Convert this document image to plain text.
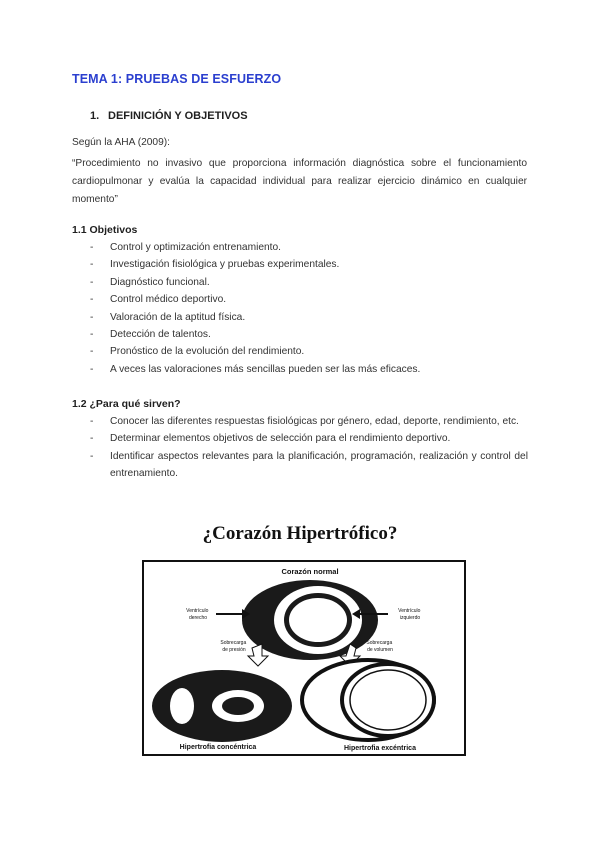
TEMA 1: PRUEBAS DE ESFUERZO
1. DEFINICIÓN Y OBJETIVOS
Según la AHA (2009):
“Procedimiento no invasivo que proporciona información diagnóstica sobre el funcionamiento cardiopulmonar y evalúa la capacidad individual para realizar ejercicio dinámico en cualquier momento”
1.1 Objetivos
- Control y optimización entrenamiento.
- Investigación fisiológica y pruebas experimentales.
- Diagnóstico funcional.
- Control médico deportivo.
- Valoración de la aptitud física.
- Detección de talentos.
- Pronóstico de la evolución del rendimiento.
- A veces las valoraciones más sencillas pueden ser las más eficaces.
1.2 ¿Para qué sirven?
- Conocer las diferentes respuestas fisiológicas por género, edad, deporte, rendimiento, etc.
- Determinar elementos objetivos de selección para el rendimiento deportivo.
- Identificar aspectos relevantes para la planificación, programación, realización y control del entrenamiento.
¿Corazón Hipertrófico?
Corazón normal
Ventrículo derecho
Ventrículo izquierdo
Sobrecarga de presión
Sobrecarga de volumen
Hipertrofia concéntrica	Hipertrofia excéntrica
